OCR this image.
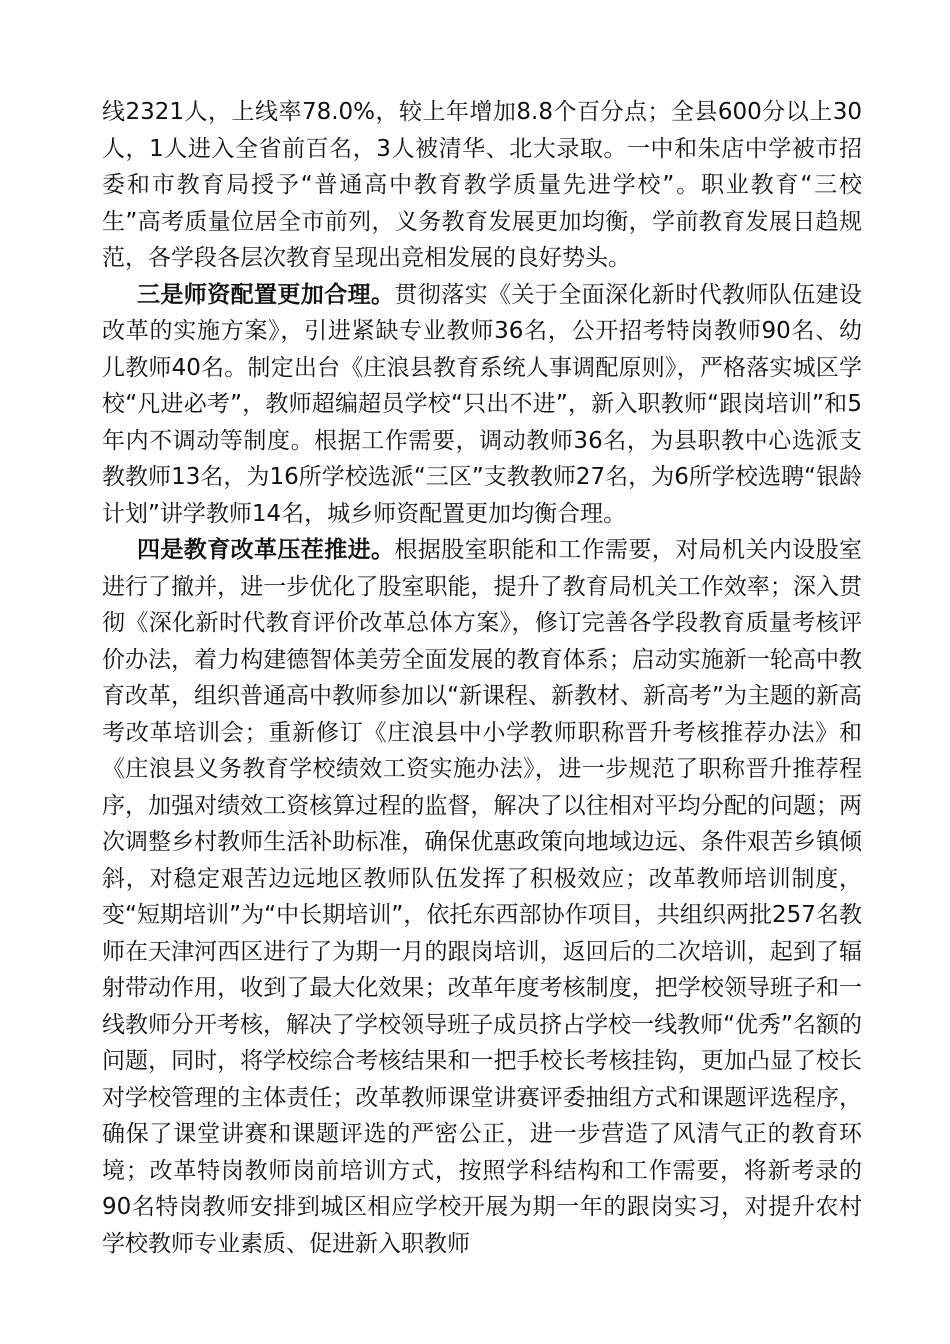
线2321人，上线率78.0%，较上年增加8.8个百分点；全县600分以上30人，1人进入全省前百名，3人被清华、北大录取。一中和朱店中学被市招委和市教育局授予“普通高中教育教学质量先进学校”。职业教育“三校生”高考质量位居全市前列，义务教育发展更加均衡，学前教育发展日趋规范，各学段各层次教育呈现出竞相发展的良好势头。

三是师资配置更加合理。贯彻落实《关于全面深化新时代教师队伍建设改革的实施方案》，引进紧缺专业教师36名，公开招考特岗教师90名、幼儿教师40名。制定出台《庄浪县教育系统人事调配原则》，严格落实城区学校“凡进必考”，教师超编超员学校“只出不进”，新入职教师“跟岗培训”和5年内不调动等制度。根据工作需要，调动教师36名，为县职教中心选派支教教师13名，为16所学校选派“三区”支教教师27名，为6所学校选聘“银龄计划”讲学教师14名，城乡师资配置更加均衡合理。

四是教育改革压茬推进。根据股室职能和工作需要，对局机关内设股室进行了撤并，进一步优化了股室职能，提升了教育局机关工作效率；深入贯彻《深化新时代教育评价改革总体方案》，修订完善各学段教育质量考核评价办法，着力构建德智体美劳全面发展的教育体系；启动实施新一轮高中教育改革，组织普通高中教师参加以“新课程、新教材、新高考”为主题的新高考改革培训会；重新修订《庄浪县中小学教师职称晋升考核推荐办法》和《庄浪县义务教育学校绩效工资实施办法》，进一步规范了职称晋升推荐程序，加强对绩效工资核算过程的监督，解决了以往相对平均分配的问题；两次调整乡村教师生活补助标准，确保优惠政策向地域边远、条件艰苦乡镇倾斜，对稳定艰苦边远地区教师队伍发挥了积极效应；改革教师培训制度，变“短期培训”为“中长期培训”，依托东西部协作项目，共组织两批257名教师在天津河西区进行了为期一月的跟岗培训，返回后的二次培训，起到了辐射带动作用，收到了最大化效果；改革年度考核制度，把学校领导班子和一线教师分开考核，解决了学校领导班子成员挤占学校一线教师“优秀”名额的问题，同时，将学校综合考核结果和一把手校长考核挂钩，更加凸显了校长对学校管理的主体责任；改革教师课堂讲赛评委抽组方式和课题评选程序，确保了课堂讲赛和课题评选的严密公正，进一步营造了风清气正的教育环境；改革特岗教师岗前培训方式，按照学科结构和工作需要，将新考录的90名特岗教师安排到城区相应学校开展为期一年的跟岗实习，对提升农村学校教师专业素质、促进新入职教师
